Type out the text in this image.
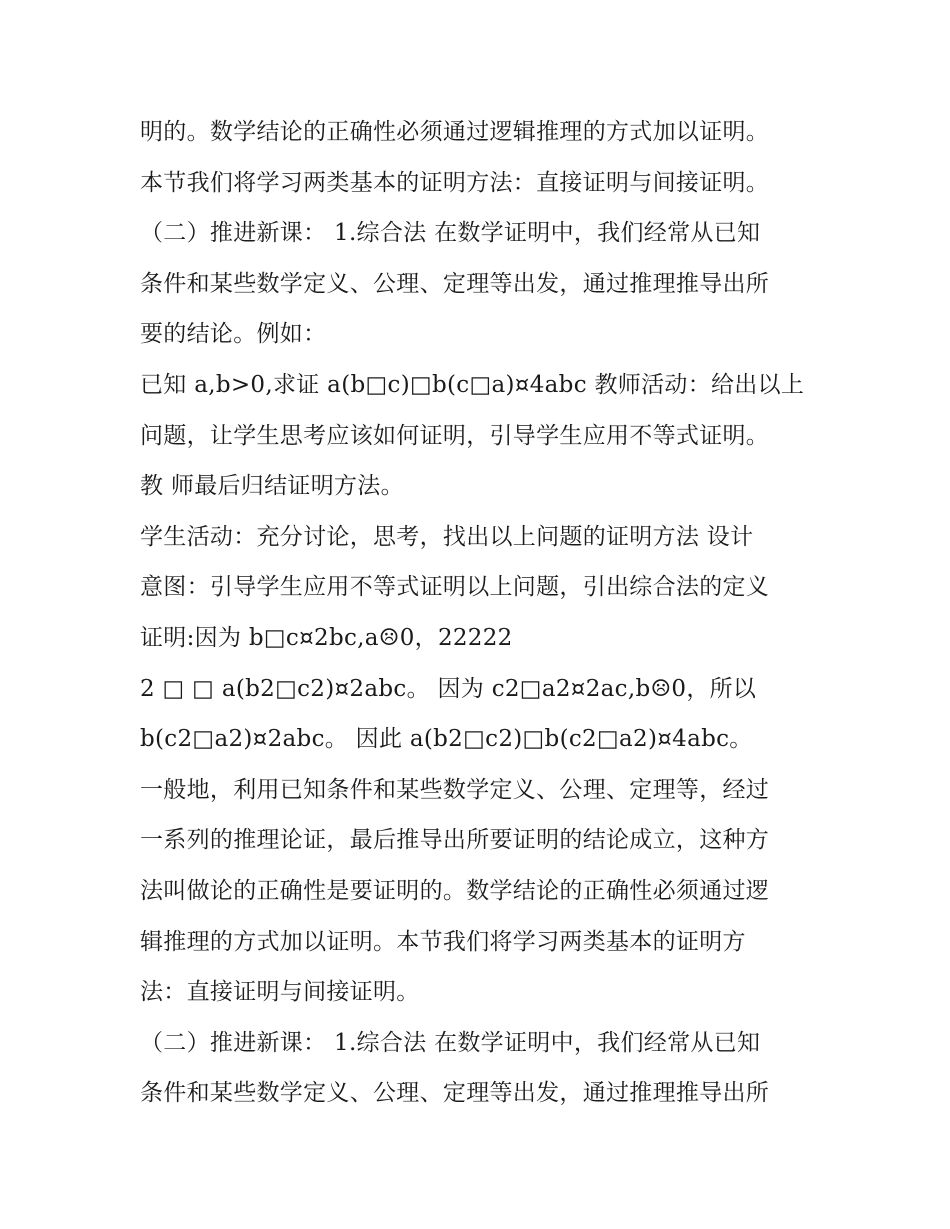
明的。数学结论的正确性必须通过逻辑推理的方式加以证明。
本节我们将学习两类基本的证明方法：直接证明与间接证明。
（二）推进新课： 1.综合法 在数学证明中，我们经常从已知
条件和某些数学定义、公理、定理等出发，通过推理推导出所
要的结论。例如：
已知 a,b>0,求证 a(b□c)□b(c□a)¤4abc 教师活动：给出以上
问题，让学生思考应该如何证明，引导学生应用不等式证明。
教 师最后归结证明方法。
学生活动：充分讨论，思考，找出以上问题的证明方法 设计
意图：引导学生应用不等式证明以上问题，引出综合法的定义
证明:因为 b□c¤2bc,a☹0，22222
2 □ □ a(b2□c2)¤2abc。 因为 c2□a2¤2ac,b☹0，所以
b(c2□a2)¤2abc。 因此 a(b2□c2)□b(c2□a2)¤4abc。
一般地，利用已知条件和某些数学定义、公理、定理等，经过
一系列的推理论证，最后推导出所要证明的结论成立，这种方
法叫做论的正确性是要证明的。数学结论的正确性必须通过逻
辑推理的方式加以证明。本节我们将学习两类基本的证明方
法：直接证明与间接证明。
（二）推进新课： 1.综合法 在数学证明中，我们经常从已知
条件和某些数学定义、公理、定理等出发，通过推理推导出所
